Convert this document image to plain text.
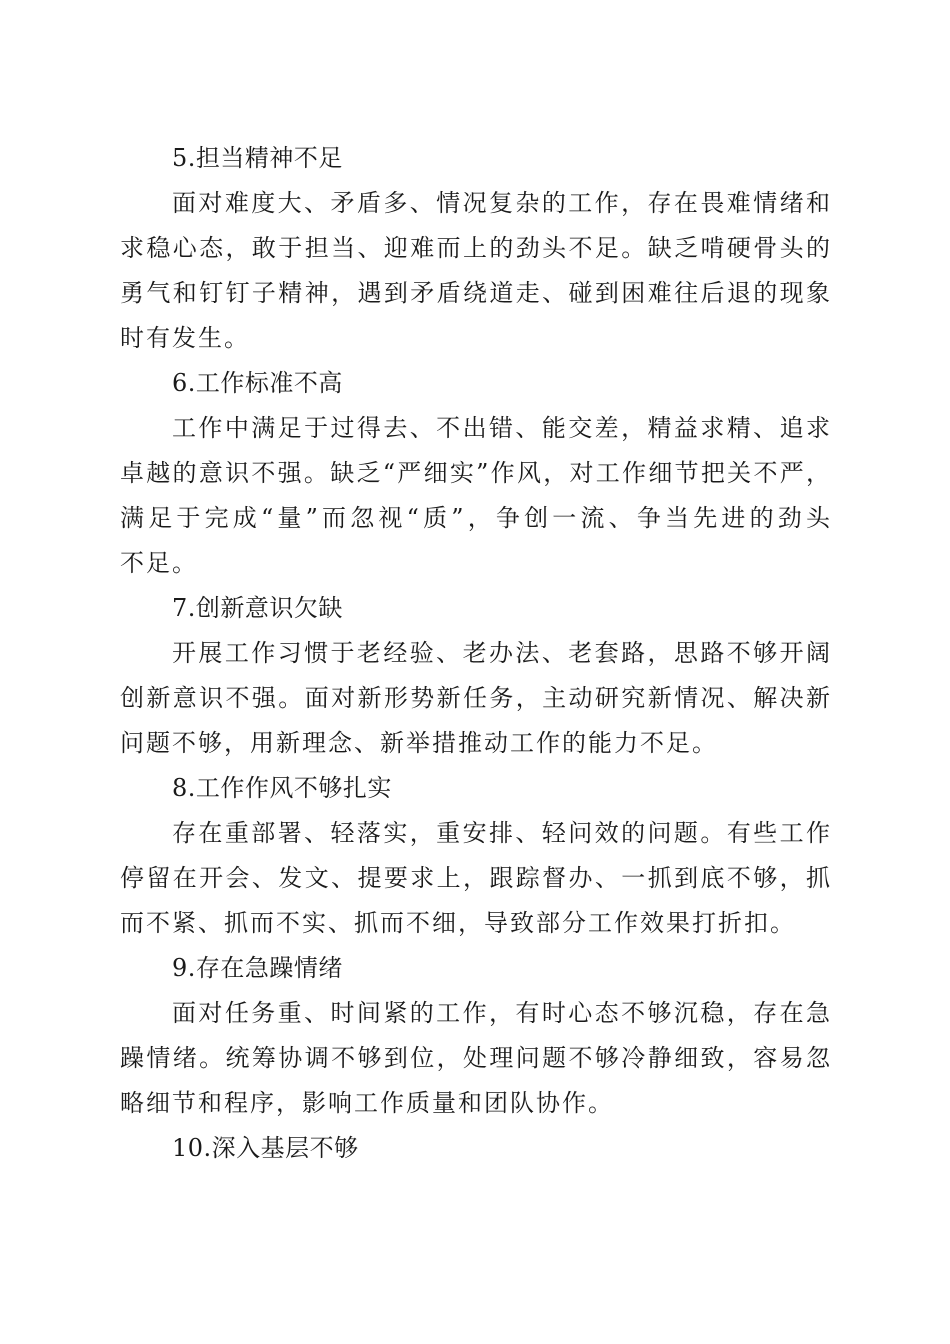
5.担当精神不足

面对难度大、矛盾多、情况复杂的工作，存在畏难情绪和
求稳心态，敢于担当、迎难而上的劲头不足。缺乏啃硬骨头的
勇气和钉钉子精神，遇到矛盾绕道走、碰到困难往后退的现象
时有发生。

6.工作标准不高

工作中满足于过得去、不出错、能交差，精益求精、追求
卓越的意识不强。缺乏“严细实”作风，对工作细节把关不严，
满足于完成“量”而忽视“质”，争创一流、争当先进的劲头
不足。

7.创新意识欠缺

开展工作习惯于老经验、老办法、老套路，思路不够开阔
创新意识不强。面对新形势新任务，主动研究新情况、解决新
问题不够，用新理念、新举措推动工作的能力不足。

8.工作作风不够扎实

存在重部署、轻落实，重安排、轻问效的问题。有些工作
停留在开会、发文、提要求上，跟踪督办、一抓到底不够，抓
而不紧、抓而不实、抓而不细，导致部分工作效果打折扣。

9.存在急躁情绪

面对任务重、时间紧的工作，有时心态不够沉稳，存在急
躁情绪。统筹协调不够到位，处理问题不够冷静细致，容易忽
略细节和程序，影响工作质量和团队协作。

10.深入基层不够
